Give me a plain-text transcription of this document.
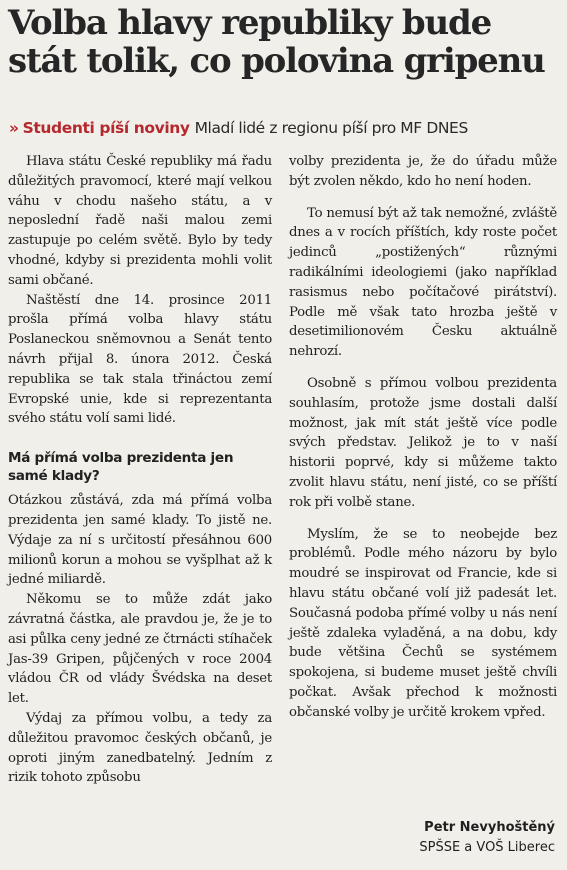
Volba hlavy republiky bude stát tolik, co polovina gripenu
» Studenti píší noviny Mladí lidé z regionu píší pro MF DNES

Hlava státu České republiky má řadu důležitých pravomocí, které mají velkou váhu v chodu našeho státu, a v neposlední řadě naši malou zemi zastupuje po celém světě. Bylo by tedy vhodné, kdyby si prezidenta mohli volit sami občané.

Naštěstí dne 14. prosince 2011 prošla přímá volba hlavy státu Poslaneckou sněmovnou a Senát tento návrh přijal 8. února 2012. Česká republika se tak stala třináctou zemí Evropské unie, kde si reprezentanta svého státu volí sami lidé.

Má přímá volba prezidenta jen samé klady?

Otázkou zůstává, zda má přímá volba prezidenta jen samé klady. To jistě ne. Výdaje za ní s určitostí přesáhnou 600 milionů korun a mohou se vyšplhat až k jedné miliardě.

Někomu se to může zdát jako závratná částka, ale pravdou je, že je to asi půlka ceny jedné ze čtrnácti stíhaček Jas-39 Gripen, půjčených v roce 2004 vládou ČR od vlády Švédska na deset let.

Výdaj za přímou volbu, a tedy za důležitou pravomoc českých občanů, je oproti jiným zanedbatelný. Jedním z rizik tohoto způsobu

volby prezidenta je, že do úřadu může být zvolen někdo, kdo ho není hoden.

To nemusí být až tak nemožné, zvláště dnes a v rocích příštích, kdy roste počet jedinců „postižených“ různými radikálními ideologiemi (jako například rasismus nebo počítačové pirátství). Podle mě však tato hrozba ještě v desetimilionovém Česku aktuálně nehrozí.

Osobně s přímou volbou prezidenta souhlasím, protože jsme dostali další možnost, jak mít stát ještě více podle svých představ. Jelikož je to v naší historii poprvé, kdy si můžeme takto zvolit hlavu státu, není jisté, co se příští rok při volbě stane.

Myslím, že se to neobejde bez problémů. Podle mého názoru by bylo moudré se inspirovat od Francie, kde si hlavu státu občané volí již padesát let. Současná podoba přímé volby u nás není ještě zdaleka vyladěná, a na dobu, kdy bude většina Čechů se systémem spokojena, si budeme muset ještě chvíli počkat. Avšak přechod k možnosti občanské volby je určitě krokem vpřed.

Petr Nevyhoštěný
SPŠSE a VOŠ Liberec
